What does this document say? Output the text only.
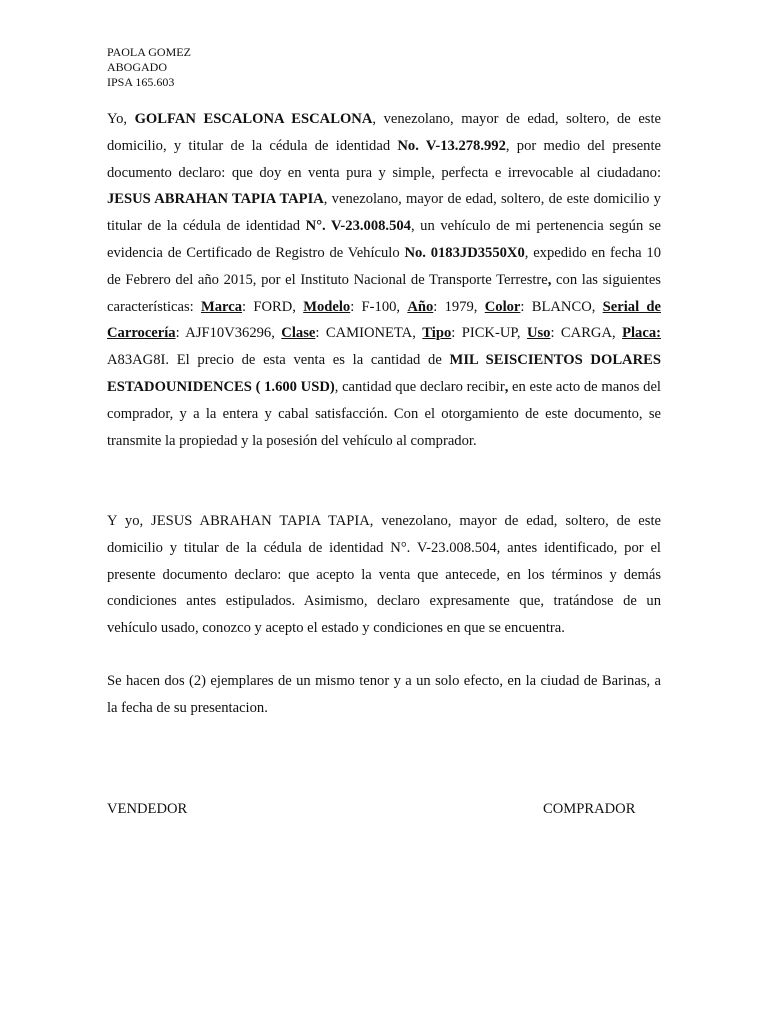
PAOLA GOMEZ
ABOGADO
IPSA 165.603

Yo, GOLFAN ESCALONA ESCALONA, venezolano, mayor de edad, soltero, de este domicilio, y titular de la cédula de identidad No. V-13.278.992, por medio del presente documento declaro: que doy en venta pura y simple, perfecta e irrevocable al ciudadano: JESUS ABRAHAN TAPIA TAPIA, venezolano, mayor de edad, soltero, de este domicilio y titular de la cédula de identidad N°. V-23.008.504, un vehículo de mi pertenencia según se evidencia de Certificado de Registro de Vehículo No. 0183JD3550X0, expedido en fecha 10 de Febrero del año 2015, por el Instituto Nacional de Transporte Terrestre, con las siguientes características: Marca: FORD, Modelo: F-100, Año: 1979, Color: BLANCO, Serial de Carrocería: AJF10V36296, Clase: CAMIONETA, Tipo: PICK-UP, Uso: CARGA, Placa: A83AG8I. El precio de esta venta es la cantidad de MIL SEISCIENTOS DOLARES ESTADOUNIDENCES ( 1.600 USD), cantidad que declaro recibir, en este acto de manos del comprador, y a la entera y cabal satisfacción. Con el otorgamiento de este documento, se transmite la propiedad y la posesión del vehículo al comprador.

Y yo, JESUS ABRAHAN TAPIA TAPIA, venezolano, mayor de edad, soltero, de este domicilio y titular de la cédula de identidad N°. V-23.008.504, antes identificado, por el presente documento declaro: que acepto la venta que antecede, en los términos y demás condiciones antes estipulados. Asimismo, declaro expresamente que, tratándose de un vehículo usado, conozco y acepto el estado y condiciones en que se encuentra.

Se hacen dos (2) ejemplares de un mismo tenor y a un solo efecto, en la ciudad de Barinas, a la fecha de su presentacion.

VENDEDOR	COMPRADOR
